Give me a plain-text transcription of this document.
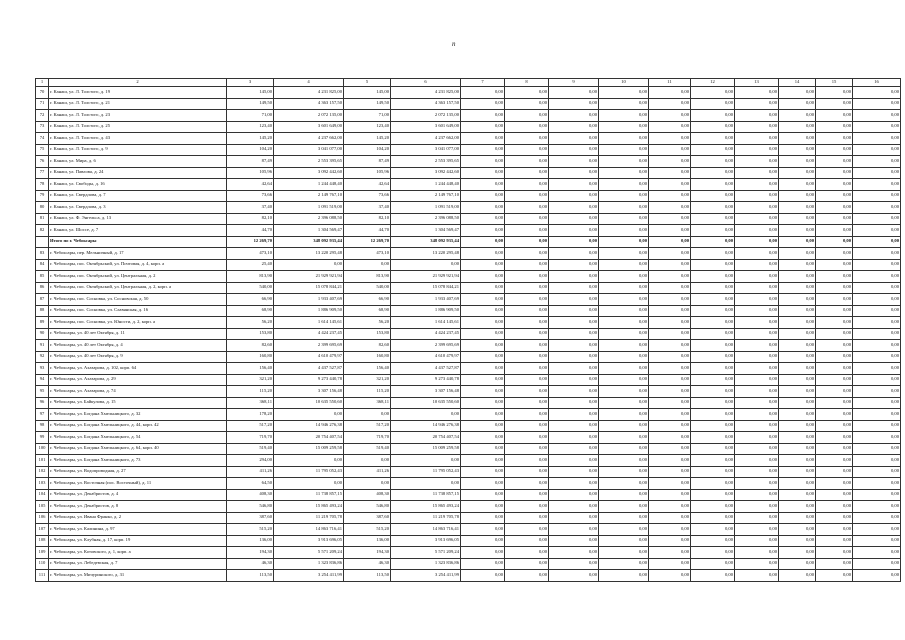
п
1	2	3	4	5	6	7	8	9	10	11	12	13	14	15	16
70	г. Канаш, ул. Л. Толстого, д. 19	145,00	4 231 825,00	145,00	4 231 825,00	0,00	0,00	0,00	0,00	0,00	0,00	0,00	0,00	0,00	0,00
71	г. Канаш, ул. Л. Толстого, д. 21	149,50	4 363 157,50	149,50	4 363 157,50	0,00	0,00	0,00	0,00	0,00	0,00	0,00	0,00	0,00	0,00
72	г. Канаш, ул. Л. Толстого, д. 23	71,00	2 072 135,00	71,00	2 072 135,00	0,00	0,00	0,00	0,00	0,00	0,00	0,00	0,00	0,00	0,00
73	г. Канаш, ул. Л. Толстого, д. 25	123,40	3 601 649,00	123,40	3 601 649,00	0,00	0,00	0,00	0,00	0,00	0,00	0,00	0,00	0,00	0,00
74	г. Канаш, ул. Л. Толстого, д. 43	145,20	4 237 662,00	145,20	4 237 662,00	0,00	0,00	0,00	0,00	0,00	0,00	0,00	0,00	0,00	0,00
75	г. Канаш, ул. Л. Толстого, д. 9	104,20	3 041 077,00	104,20	3 041 077,00	0,00	0,00	0,00	0,00	0,00	0,00	0,00	0,00	0,00	0,00
76	г. Канаш, ул. Мира, д. 6	87,49	2 553 395,65	87,49	2 553 395,65	0,00	0,00	0,00	0,00	0,00	0,00	0,00	0,00	0,00	0,00
77	г. Канаш, ул. Павлова, д. 24	105,96	3 092 442,60	105,96	3 092 442,60	0,00	0,00	0,00	0,00	0,00	0,00	0,00	0,00	0,00	0,00
78	г. Канаш, ул. Свободы, д. 16	42,64	1 244 448,40	42,64	1 244 448,40	0,00	0,00	0,00	0,00	0,00	0,00	0,00	0,00	0,00	0,00
79	г. Канаш, ул. Свердлова, д. 7	73,66	2 149 767,10	73,66	2 149 767,10	0,00	0,00	0,00	0,00	0,00	0,00	0,00	0,00	0,00	0,00
80	г. Канаш, ул. Свердлова, д. 3	37,40	1 091 519,00	37,40	1 091 519,00	0,00	0,00	0,00	0,00	0,00	0,00	0,00	0,00	0,00	0,00
81	г. Канаш, ул. Ф. Энгельса, д. 13	82,10	2 396 088,50	82,10	2 396 088,50	0,00	0,00	0,00	0,00	0,00	0,00	0,00	0,00	0,00	0,00
82	г. Канаш, ул. Шоссе, д. 7	44,70	1 304 569,47	44,70	1 304 569,47	0,00	0,00	0,00	0,00	0,00	0,00	0,00	0,00	0,00	0,00
	Итого по г. Чебоксары	12 269,70	348 092 935,44	12 269,70	348 092 935,44	0,00	0,00	0,00	0,00	0,00	0,00	0,00	0,00	0,00	0,00
83	г. Чебоксары, пер. Мельничный, д. 17	473,10	13 220 295,48	473,10	13 220 295,48	0,00	0,00	0,00	0,00	0,00	0,00	0,00	0,00	0,00	0,00
84	г. Чебоксары, пос. Октябрьский, ул. Почтовая, д. 4, корп. а	25,40	0,00	0,00	0,00	0,00	0,00	0,00	0,00	0,00	0,00	0,00	0,00	0,00	0,00
85	г. Чебоксары, пос. Октябрьский, ул. Центральная, д. 2	813,90	21 929 921,94	813,90	21 929 921,94	0,00	0,00	0,00	0,00	0,00	0,00	0,00	0,00	0,00	0,00
86	г. Чебоксары, пос. Октябрьский, ул. Центральная, д. 2, корп. а	540,00	15 078 844,21	540,00	15 078 844,21	0,00	0,00	0,00	0,00	0,00	0,00	0,00	0,00	0,00	0,00
87	г. Чебоксары, пос. Сосновка, ул. Сосновская, д. 50	66,90	1 933 407,69	66,90	1 933 407,69	0,00	0,00	0,00	0,00	0,00	0,00	0,00	0,00	0,00	0,00
88	г. Чебоксары, пос. Сосновка, ул. Славянская, д. 16	68,90	1 886 909,50	68,90	1 886 909,50	0,00	0,00	0,00	0,00	0,00	0,00	0,00	0,00	0,00	0,00
89	г. Чебоксары, пос. Сосновка, ул. Юности, д. 2, корп. а	56,20	1 614 145,61	56,20	1 614 145,61	0,00	0,00	0,00	0,00	0,00	0,00	0,00	0,00	0,00	0,00
90	г. Чебоксары, ул. 40 лет Октября, д. 11	153,80	4 424 237,45	153,80	4 424 237,45	0,00	0,00	0,00	0,00	0,00	0,00	0,00	0,00	0,00	0,00
91	г. Чебоксары, ул. 40 лет Октября, д. 4	82,60	2 399 695,69	82,60	2 399 695,69	0,00	0,00	0,00	0,00	0,00	0,00	0,00	0,00	0,00	0,00
92	г. Чебоксары, ул. 40 лет Октября, д. 9	160,80	4 610 479,97	160,80	4 610 479,97	0,00	0,00	0,00	0,00	0,00	0,00	0,00	0,00	0,00	0,00
93	г. Чебоксары, ул. Ахазарова, д. 102, корп. 64	156,40	4 437 527,87	156,40	4 437 527,87	0,00	0,00	0,00	0,00	0,00	0,00	0,00	0,00	0,00	0,00
94	г. Чебоксары, ул. Ахазарова, д. 29	321,20	9 273 440,78	321,20	9 273 440,78	0,00	0,00	0,00	0,00	0,00	0,00	0,00	0,00	0,00	0,00
95	г. Чебоксары, ул. Ахазарова, д. 74	115,20	3 307 156,48	115,20	3 307 156,48	0,00	0,00	0,00	0,00	0,00	0,00	0,00	0,00	0,00	0,00
96	г. Чебоксары, ул. Байкулова, д. 15	368,11	10 635 550,60	368,11	10 635 550,60	0,00	0,00	0,00	0,00	0,00	0,00	0,00	0,00	0,00	0,00
97	г. Чебоксары, ул. Богдана Хмельницкого, д. 32	178,20	0,00	0,00	0,00	0,00	0,00	0,00	0,00	0,00	0,00	0,00	0,00	0,00	0,00
98	г. Чебоксары, ул. Богдана Хмельницкого, д. 44, корп. 42	517,20	14 946 276,38	517,20	14 946 276,38	0,00	0,00	0,00	0,00	0,00	0,00	0,00	0,00	0,00	0,00
99	г. Чебоксары, ул. Богдана Хмельницкого, д. 54	719,70	20 754 407,54	719,70	20 754 407,54	0,00	0,00	0,00	0,00	0,00	0,00	0,00	0,00	0,00	0,00
100	г. Чебоксары, ул. Богдана Хмельницкого, д. 64, корп. 40	519,40	15 009 259,58	519,40	15 009 259,58	0,00	0,00	0,00	0,00	0,00	0,00	0,00	0,00	0,00	0,00
101	г. Чебоксары, ул. Богдана Хмельницкого, д. 73	294,00	0,00	0,00	0,00	0,00	0,00	0,00	0,00	0,00	0,00	0,00	0,00	0,00	0,00
102	г. Чебоксары, ул. Водопроводная, д. 27	411,26	11 795 052,43	411,26	11 795 052,43	0,00	0,00	0,00	0,00	0,00	0,00	0,00	0,00	0,00	0,00
103	г. Чебоксары, ул. Восточная (пос. Восточный), д. 11	64,50	0,00	0,00	0,00	0,00	0,00	0,00	0,00	0,00	0,00	0,00	0,00	0,00	0,00
104	г. Чебоксары, ул. Декабристов, д. 4	408,30	11 738 857,15	408,30	11 738 857,15	0,00	0,00	0,00	0,00	0,00	0,00	0,00	0,00	0,00	0,00
105	г. Чебоксары, ул. Декабристов, д. 8	546,80	15 865 493,24	546,80	15 865 493,24	0,00	0,00	0,00	0,00	0,00	0,00	0,00	0,00	0,00	0,00
106	г. Чебоксары, ул. Ивана Франко, д. 2	387,60	11 219 705,78	387,60	11 219 705,78	0,00	0,00	0,00	0,00	0,00	0,00	0,00	0,00	0,00	0,00
107	г. Чебоксары, ул. Калинина, д. 97	515,20	14 863 716,41	515,20	14 863 716,41	0,00	0,00	0,00	0,00	0,00	0,00	0,00	0,00	0,00	0,00
108	г. Чебоксары, ул. Клубная, д. 17, корп. 19	136,00	3 913 696,05	136,00	3 913 696,05	0,00	0,00	0,00	0,00	0,00	0,00	0,00	0,00	0,00	0,00
109	г. Чебоксары, ул. Котовского, д. 1, корп. а	194,30	5 571 209,24	194,30	5 571 209,24	0,00	0,00	0,00	0,00	0,00	0,00	0,00	0,00	0,00	0,00
110	г. Чебоксары, ул. Лебедевская, д. 7	46,30	1 323 836,86	46,30	1 323 836,86	0,00	0,00	0,00	0,00	0,00	0,00	0,00	0,00	0,00	0,00
111	г. Чебоксары, ул. Мичуринского, д. 31	113,50	3 254 411,99	113,50	3 254 411,99	0,00	0,00	0,00	0,00	0,00	0,00	0,00	0,00	0,00	0,00
